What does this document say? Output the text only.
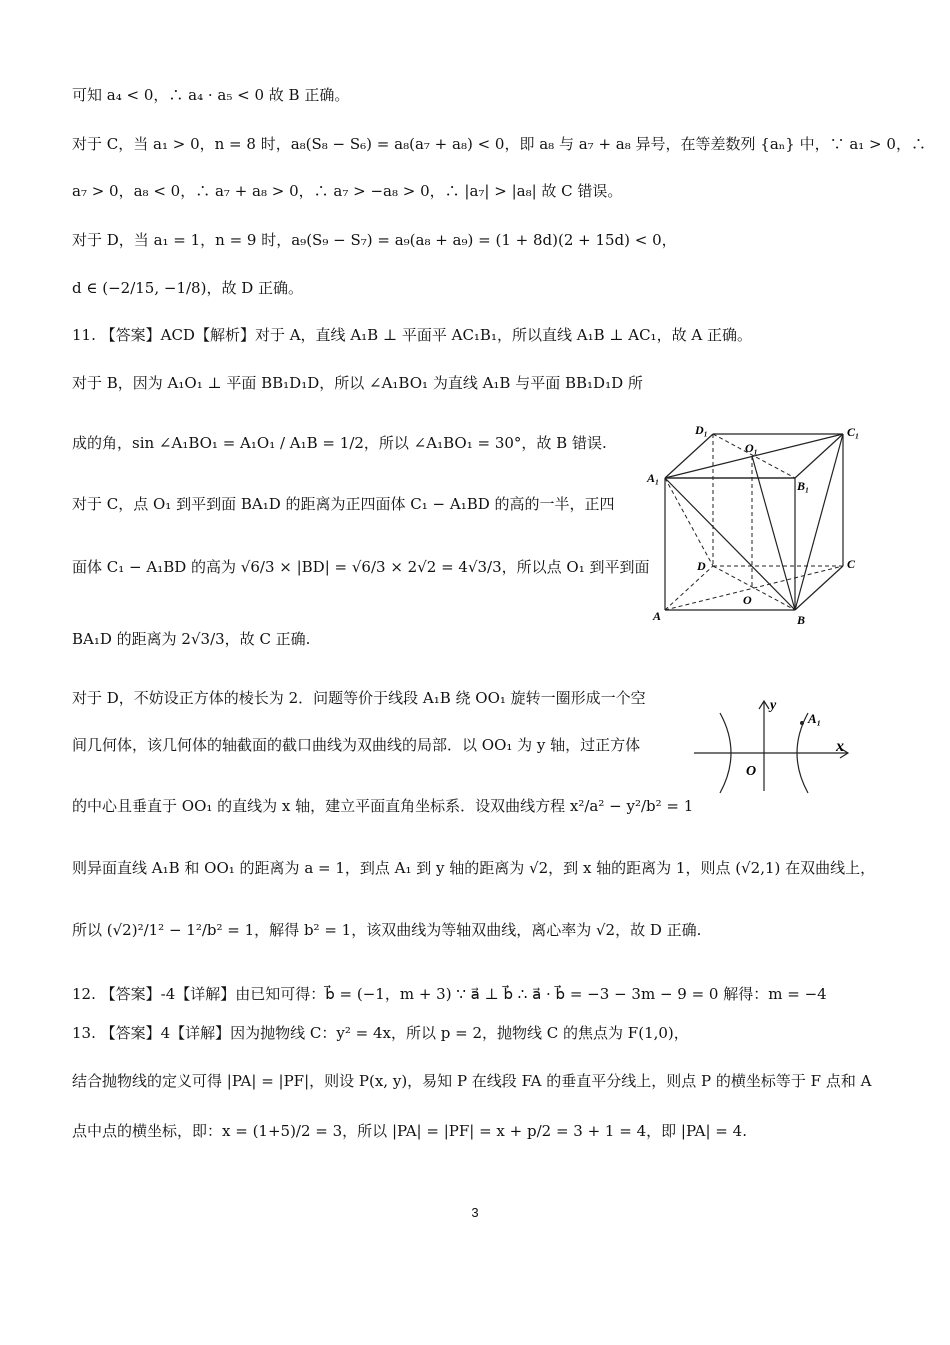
可知 a₄ < 0，∴ a₄ · a₅ < 0 故 B 正确。
对于 C，当 a₁ > 0，n = 8 时，a₈(S₈ − S₆) = a₈(a₇ + a₈) < 0，即 a₈ 与 a₇ + a₈ 异号，在等差数列 {aₙ} 中，∵ a₁ > 0，∴
a₇ > 0，a₈ < 0，∴ a₇ + a₈ > 0，∴ a₇ > −a₈ > 0，∴ |a₇| > |a₈| 故 C 错误。
对于 D，当 a₁ = 1，n = 9 时，a₉(S₉ − S₇) = a₉(a₈ + a₉) = (1 + 8d)(2 + 15d) < 0，
d ∈ (−2/15, −1/8)，故 D 正确。
11. 【答案】ACD【解析】对于 A，直线 A₁B ⊥ 平面平 AC₁B₁，所以直线 A₁B ⊥ AC₁，故 A 正确。
对于 B，因为 A₁O₁ ⊥ 平面 BB₁D₁D，所以 ∠A₁BO₁ 为直线 A₁B 与平面 BB₁D₁D 所
成的角，sin ∠A₁BO₁ = A₁O₁ / A₁B = 1/2，所以 ∠A₁BO₁ = 30°，故 B 错误.
对于 C，点 O₁ 到平到面 BA₁D 的距离为正四面体 C₁ − A₁BD 的高的一半，正四
面体 C₁ − A₁BD 的高为 √6/3 × |BD| = √6/3 × 2√2 = 4√3/3，所以点 O₁ 到平到面
BA₁D 的距离为 2√3/3，故 C 正确.
对于 D，不妨设正方体的棱长为 2．问题等价于线段 A₁B 绕 OO₁ 旋转一圈形成一个空
间几何体，该几何体的轴截面的截口曲线为双曲线的局部．以 OO₁ 为 y 轴，过正方体
的中心且垂直于 OO₁ 的直线为 x 轴，建立平面直角坐标系．设双曲线方程 x²/a² − y²/b² = 1
则异面直线 A₁B 和 OO₁ 的距离为 a = 1，到点 A₁ 到 y 轴的距离为 √2，到 x 轴的距离为 1，则点 (√2,1) 在双曲线上，
所以 (√2)²/1² − 1²/b² = 1，解得 b² = 1，该双曲线为等轴双曲线，离心率为 √2，故 D 正确.
12. 【答案】-4【详解】由已知可得：b⃗ = (−1，m + 3) ∵ a⃗ ⊥ b⃗ ∴ a⃗ · b⃗ = −3 − 3m − 9 = 0 解得：m = −4
13. 【答案】4【详解】因为抛物线 C：y² = 4x，所以 p = 2，抛物线 C 的焦点为 F(1,0)，
结合抛物线的定义可得 |PA| = |PF|，则设 P(x, y)，易知 P 在线段 FA 的垂直平分线上，则点 P 的横坐标等于 F 点和 A
点中点的横坐标，即：x = (1+5)/2 = 3，所以 |PA| = |PF| = x + p/2 = 3 + 1 = 4，即 |PA| = 4.
D₁
O₁
C₁
A₁
B₁
D	C
O
A	B
y
x
A₁
O
3
